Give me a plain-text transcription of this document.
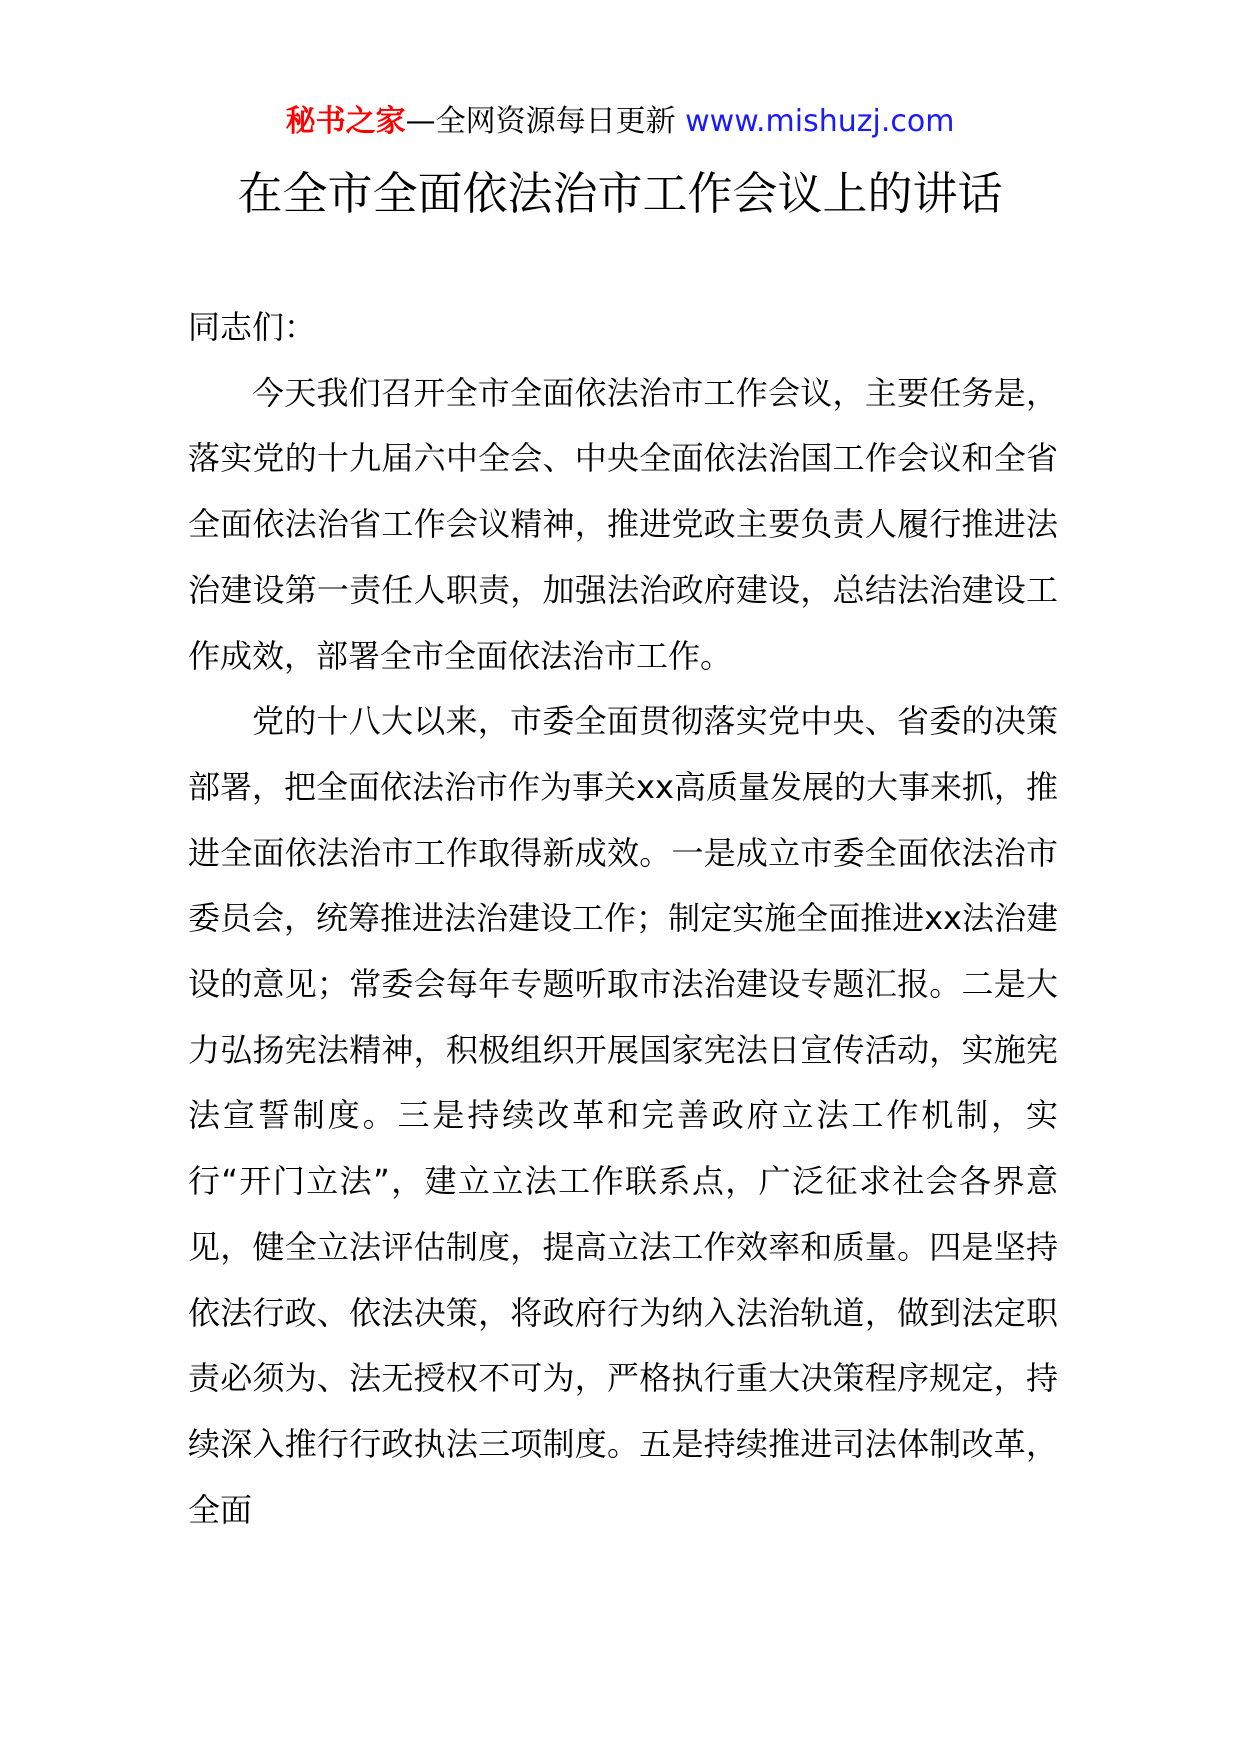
秘书之家—全网资源每日更新 www.mishuzj.com
在全市全面依法治市工作会议上的讲话

同志们：

今天我们召开全市全面依法治市工作会议，主要任务是，落实党的十九届六中全会、中央全面依法治国工作会议和全省全面依法治省工作会议精神，推进党政主要负责人履行推进法治建设第一责任人职责，加强法治政府建设，总结法治建设工作成效，部署全市全面依法治市工作。

党的十八大以来，市委全面贯彻落实党中央、省委的决策部署，把全面依法治市作为事关xx高质量发展的大事来抓，推进全面依法治市工作取得新成效。一是成立市委全面依法治市委员会，统筹推进法治建设工作；制定实施全面推进xx法治建设的意见；常委会每年专题听取市法治建设专题汇报。二是大力弘扬宪法精神，积极组织开展国家宪法日宣传活动，实施宪法宣誓制度。三是持续改革和完善政府立法工作机制，实行“开门立法”，建立立法工作联系点，广泛征求社会各界意见，健全立法评估制度，提高立法工作效率和质量。四是坚持依法行政、依法决策，将政府行为纳入法治轨道，做到法定职责必须为、法无授权不可为，严格执行重大决策程序规定，持续深入推行行政执法三项制度。五是持续推进司法体制改革，全面
